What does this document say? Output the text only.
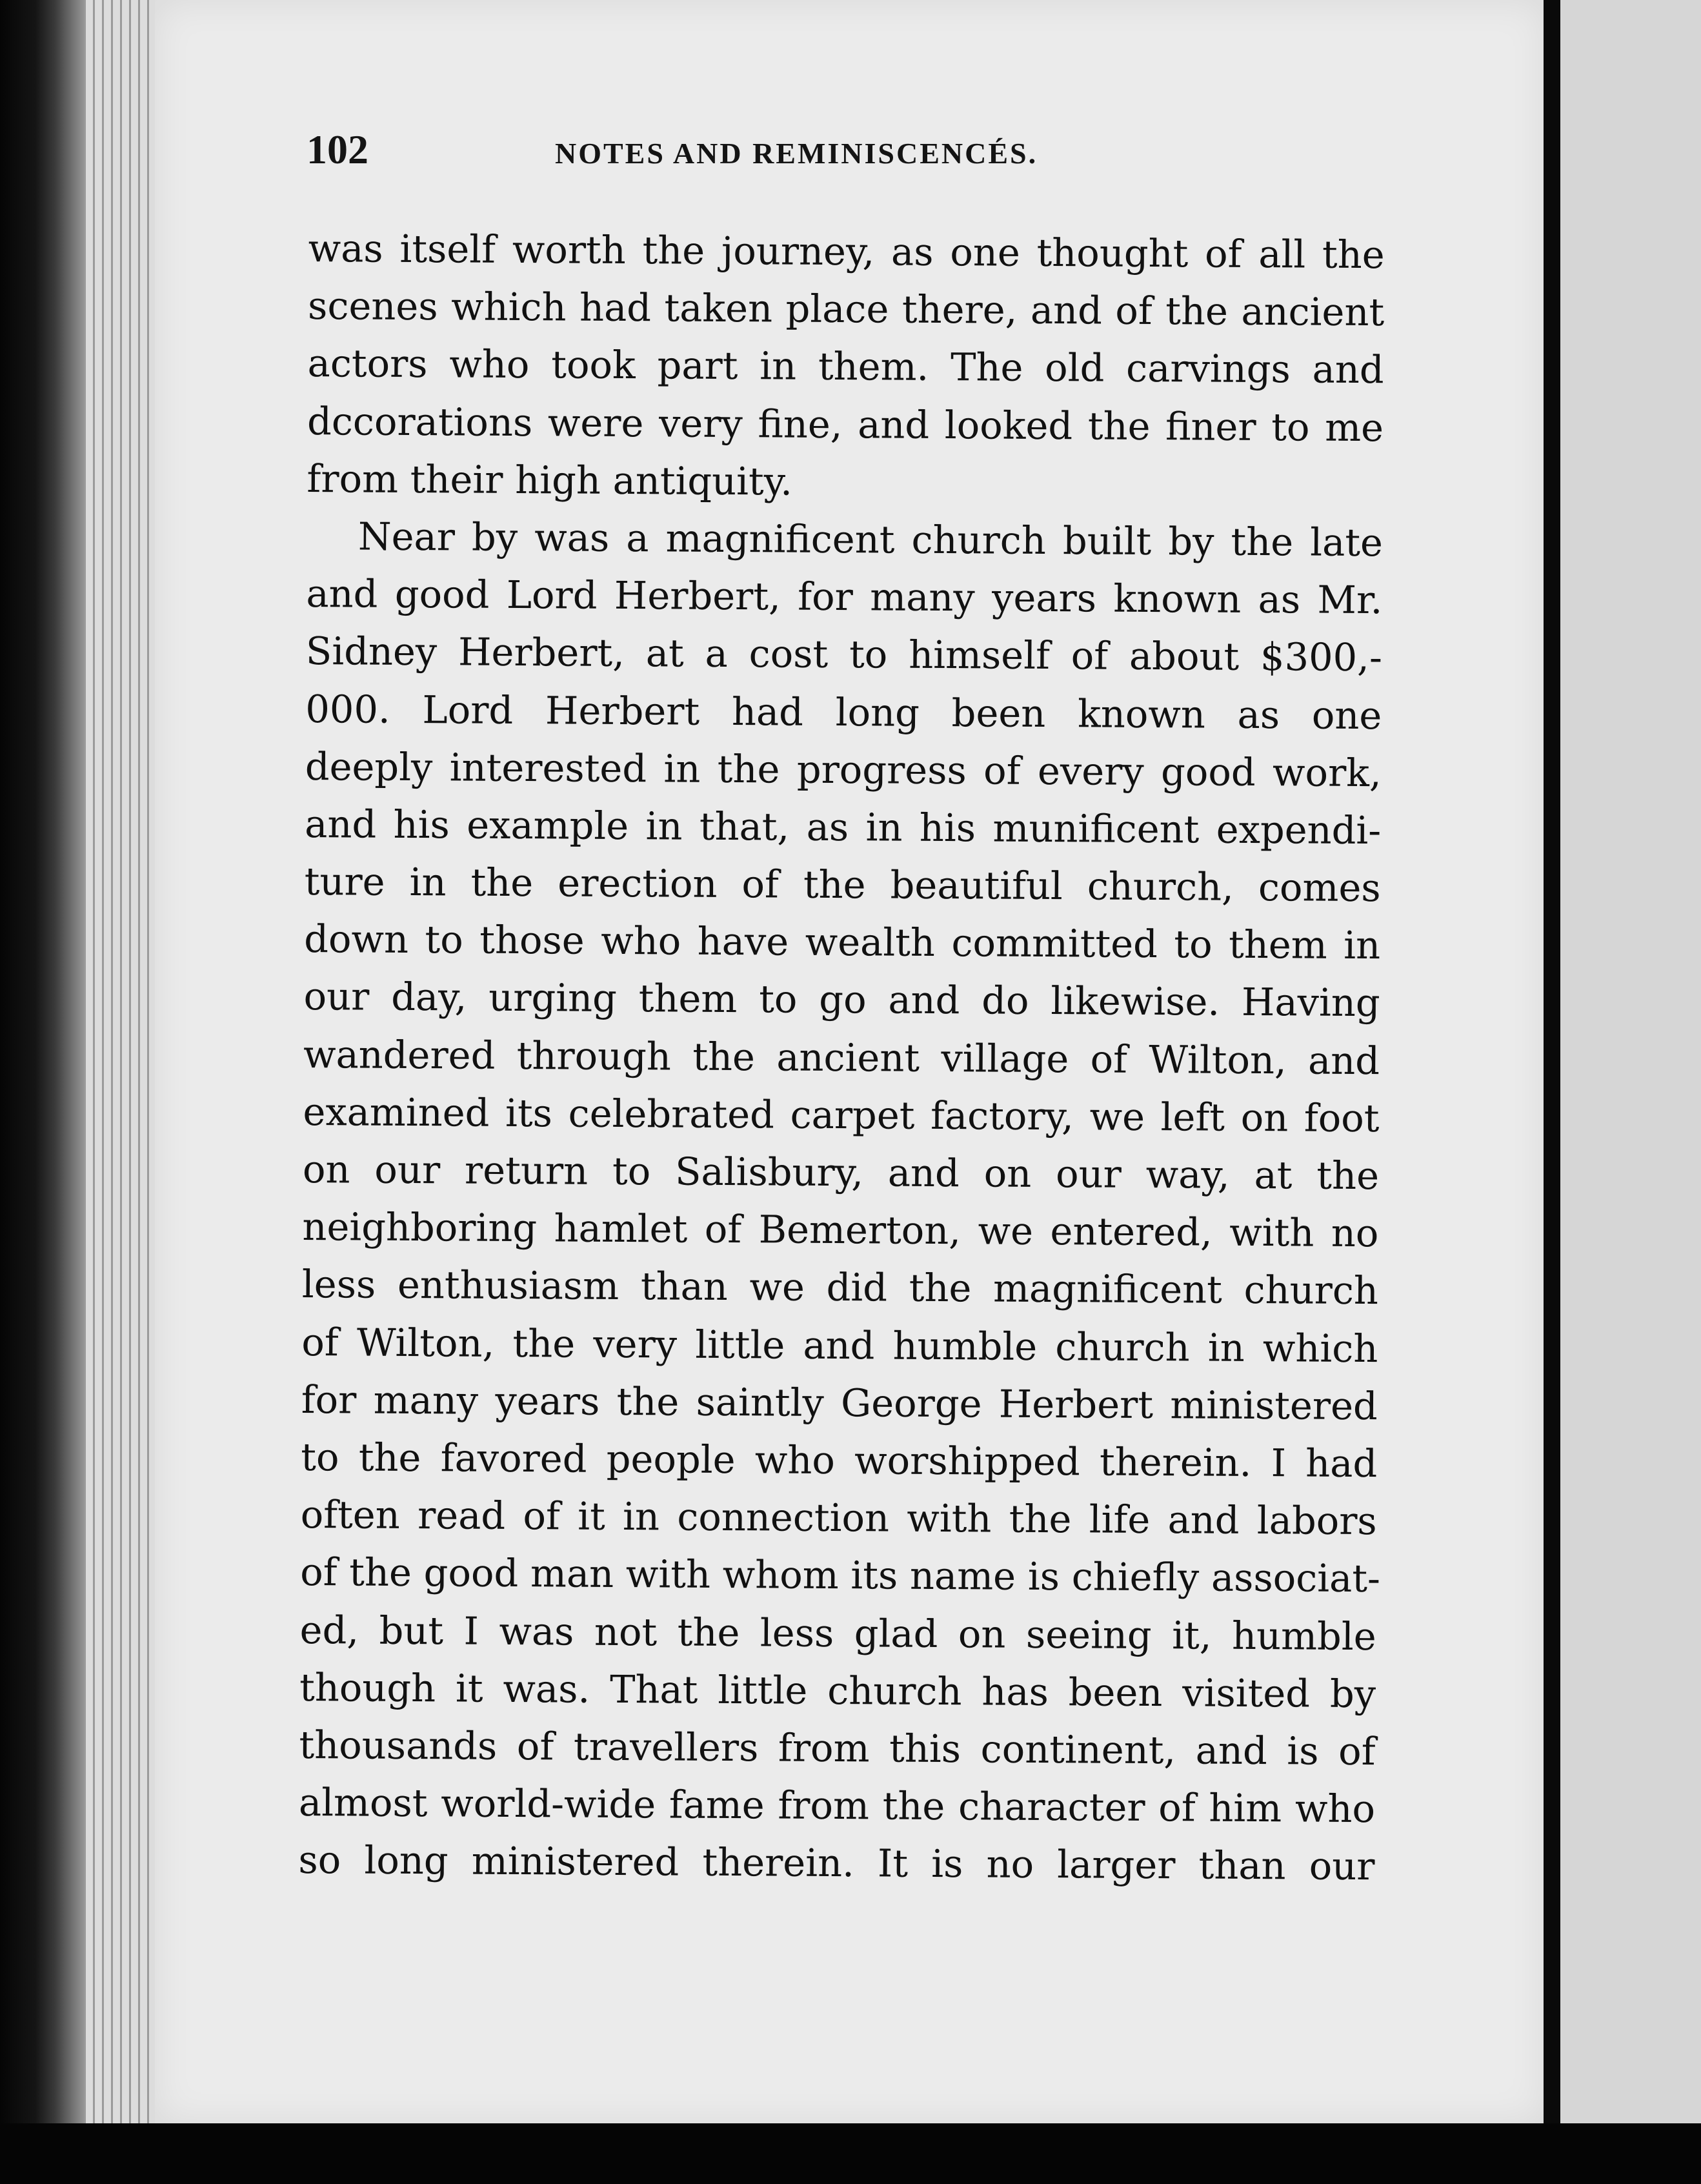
102	NOTES AND REMINISCENCÉS.
was itself worth the journey, as one thought of all the
scenes which had taken place there, and of the ancient
actors who took part in them. The old carvings and
dccorations were very fine, and looked the finer to me
from their high antiquity.
Near by was a magnificent church built by the late
and good Lord Herbert, for many years known as Mr.
Sidney Herbert, at a cost to himself of about $300,-
000. Lord Herbert had long been known as one
deeply interested in the progress of every good work,
and his example in that, as in his munificent expendi-
ture in the erection of the beautiful church, comes
down to those who have wealth committed to them in
our day, urging them to go and do likewise. Having
wandered through the ancient village of Wilton, and
examined its celebrated carpet factory, we left on foot
on our return to Salisbury, and on our way, at the
neighboring hamlet of Bemerton, we entered, with no
less enthusiasm than we did the magnificent church
of Wilton, the very little and humble church in which
for many years the saintly George Herbert ministered
to the favored people who worshipped therein. I had
often read of it in connection with the life and labors
of the good man with whom its name is chiefly associat-
ed, but I was not the less glad on seeing it, humble
though it was. That little church has been visited by
thousands of travellers from this continent, and is of
almost world-wide fame from the character of him who
so long ministered therein. It is no larger than our
